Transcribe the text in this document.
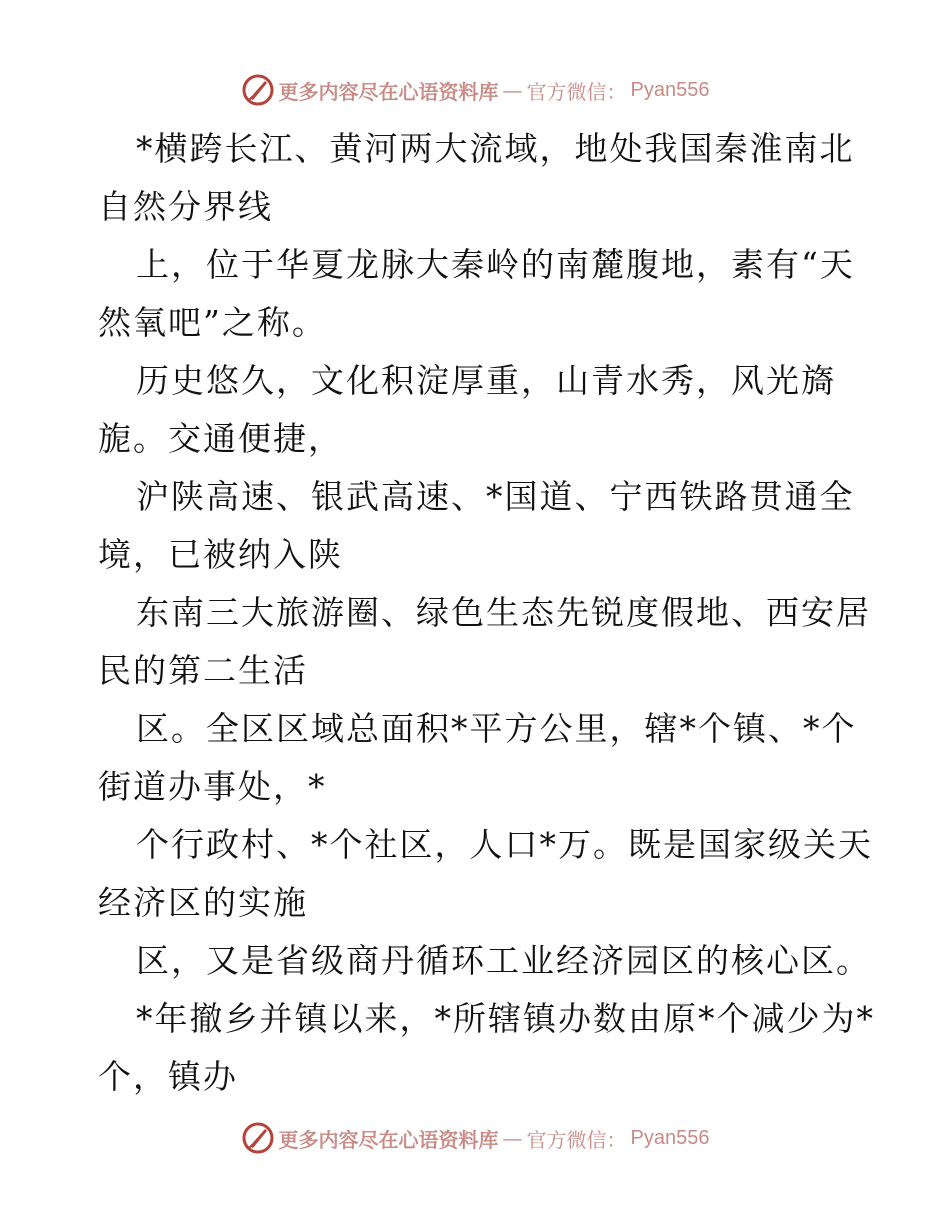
更多内容尽在心语资料库 — 官方微信： Pyan556
*横跨长江、黄河两大流域，地处我国秦淮南北
自然分界线
上，位于华夏龙脉大秦岭的南麓腹地，素有“天
然氧吧”之称。
历史悠久，文化积淀厚重，山青水秀，风光旖
旎。交通便捷，
沪陕高速、银武高速、*国道、宁西铁路贯通全
境，已被纳入陕
东南三大旅游圈、绿色生态先锐度假地、西安居
民的第二生活
区。全区区域总面积*平方公里，辖*个镇、*个
街道办事处，*
个行政村、*个社区，人口*万。既是国家级关天
经济区的实施
区，又是省级商丹循环工业经济园区的核心区。
*年撤乡并镇以来，*所辖镇办数由原*个减少为*
个，镇办
更多内容尽在心语资料库 — 官方微信： Pyan556
